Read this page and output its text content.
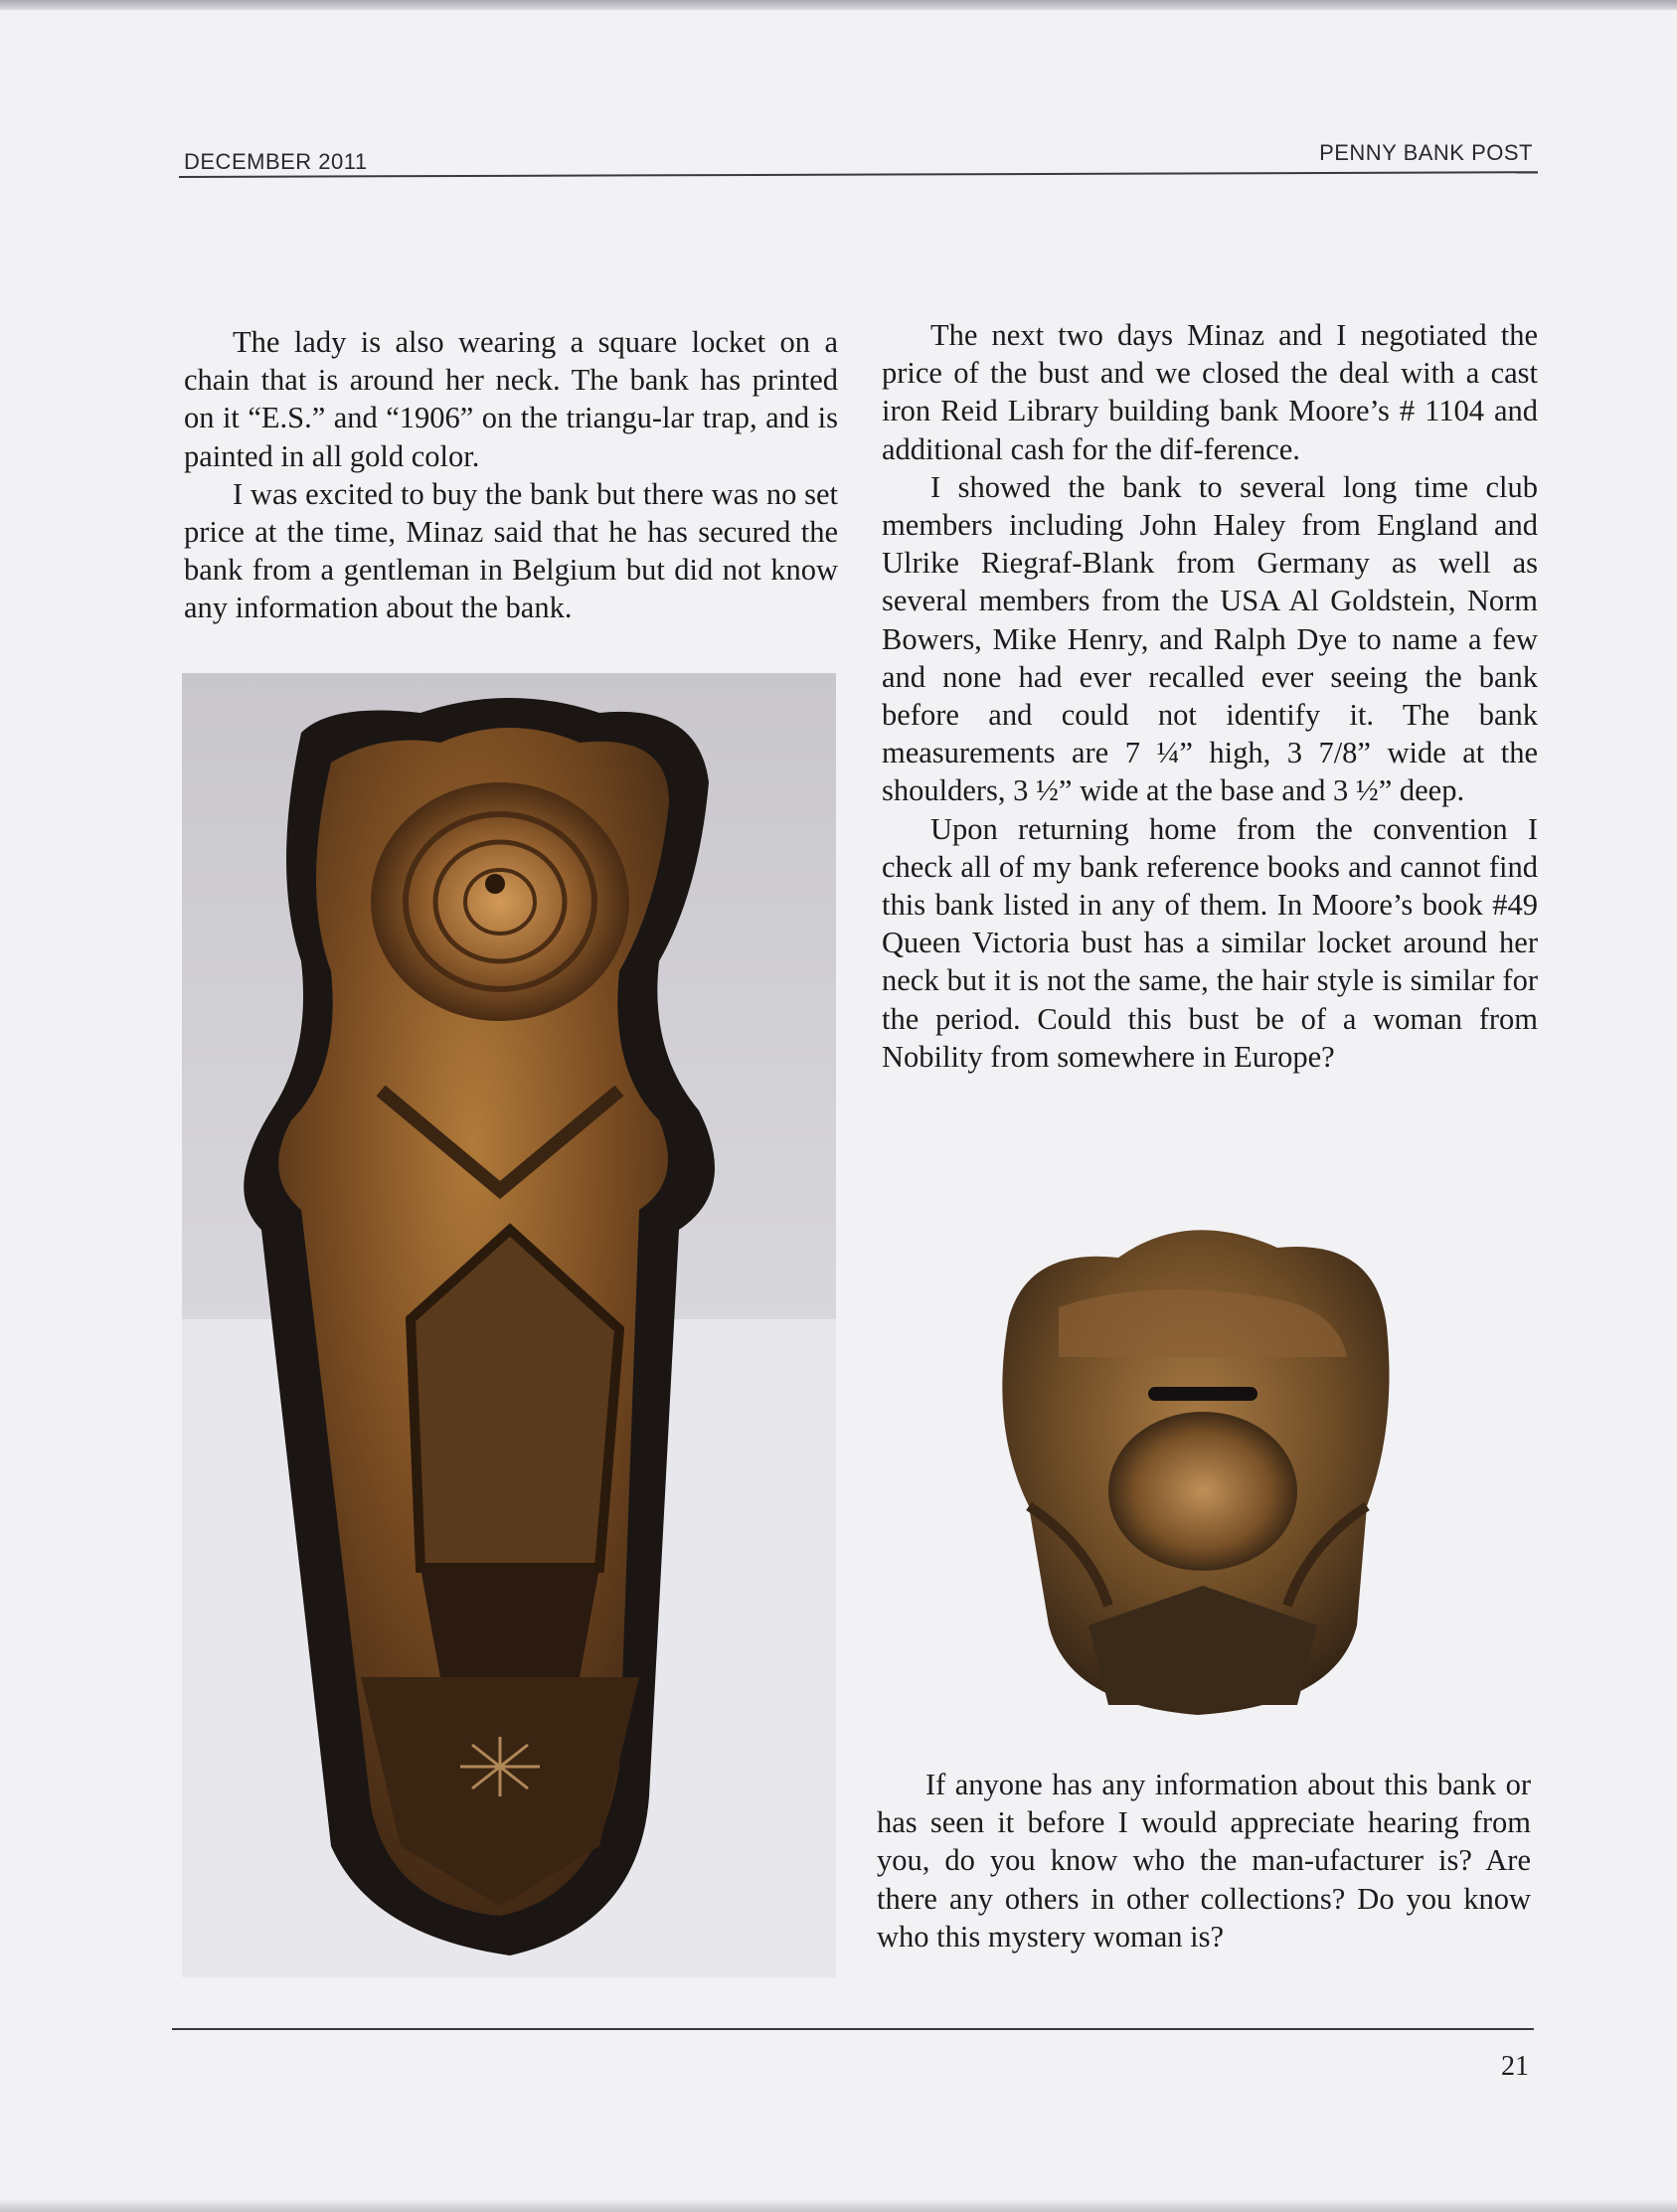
DECEMBER 2011	PENNY BANK POST

The lady is also wearing a square locket on a chain that is around her neck. The bank has printed on it “E.S.” and “1906” on the triangu-lar trap, and is painted in all gold color.

I was excited to buy the bank but there was no set price at the time, Minaz said that he has secured the bank from a gentleman in Belgium but did not know any information about the bank.

The next two days Minaz and I negotiated the price of the bust and we closed the deal with a cast iron Reid Library building bank Moore’s # 1104 and additional cash for the dif-ference.

I showed the bank to several long time club members including John Haley from England and Ulrike Riegraf-Blank from Germany as well as several members from the USA Al Goldstein, Norm Bowers, Mike Henry, and Ralph Dye to name a few and none had ever recalled ever seeing the bank before and could not identify it. The bank measurements are 7 ¼” high, 3 7/8” wide at the shoulders, 3 ½” wide at the base and 3 ½” deep.

Upon returning home from the convention I check all of my bank reference books and cannot find this bank listed in any of them. In Moore’s book #49 Queen Victoria bust has a similar locket around her neck but it is not the same, the hair style is similar for the period. Could this bust be of a woman from Nobility from somewhere in Europe?

If anyone has any information about this bank or has seen it before I would appreciate hearing from you, do you know who the man-ufacturer is? Are there any others in other collections? Do you know who this mystery woman is?

21
